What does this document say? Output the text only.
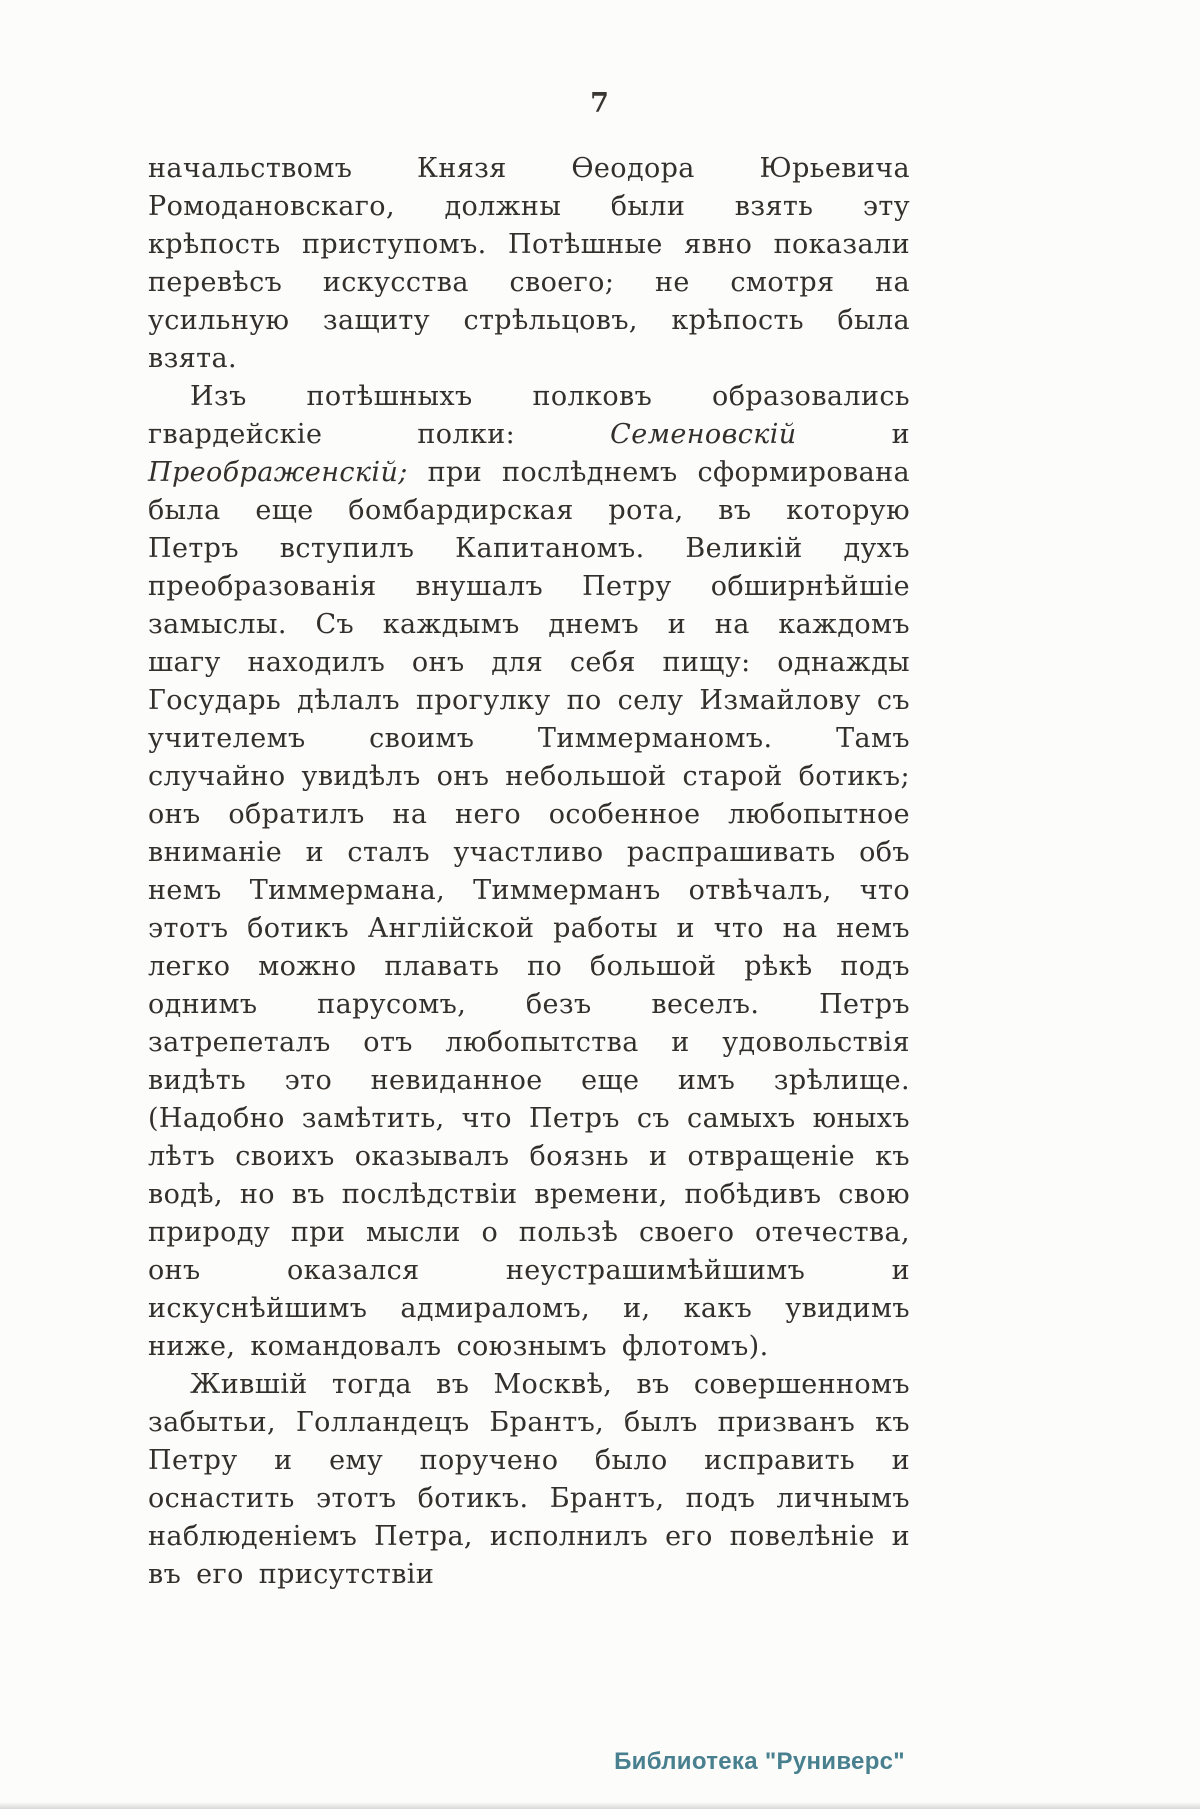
7

начальствомъ Князя Ѳеодора Юрьевича Ромодановскаго, должны были взять эту крѣпость приступомъ. Потѣшные явно показали перевѣсъ искусства своего; не смотря на усильную защиту стрѣльцовъ, крѣпость была взята.

Изъ потѣшныхъ полковъ образовались гвардейскіе полки: Семеновскій и Преображенскій; при послѣднемъ сформирована была еще бомбардирская рота, въ которую Петръ вступилъ Капитаномъ. Великій духъ преобразованія внушалъ Петру обширнѣйшіе замыслы. Съ каждымъ днемъ и на каждомъ шагу находилъ онъ для себя пищу: однажды Государь дѣлалъ прогулку по селу Измайлову съ учителемъ своимъ Тиммерманомъ. Тамъ случайно увидѣлъ онъ небольшой старой ботикъ; онъ обратилъ на него особенное любопытное вниманіе и сталъ участливо распрашивать объ немъ Тиммермана, Тиммерманъ отвѣчалъ, что этотъ ботикъ Англійской работы и что на немъ легко можно плавать по большой рѣкѣ подъ однимъ парусомъ, безъ веселъ. Петръ затрепеталъ отъ любопытства и удовольствія видѣть это невиданное еще имъ зрѣлище. (Надобно замѣтить, что Петръ съ самыхъ юныхъ лѣтъ своихъ оказывалъ боязнь и отвращеніе къ водѣ, но въ послѣдствіи времени, побѣдивъ свою природу при мысли о пользѣ своего отечества, онъ оказался неустрашимѣйшимъ и искуснѣйшимъ адмираломъ, и, какъ увидимъ ниже, командовалъ союзнымъ флотомъ).

Жившій тогда въ Москвѣ, въ совершенномъ забытьи, Голландецъ Брантъ, былъ призванъ къ Петру и ему поручено было исправить и оснастить этотъ ботикъ. Брантъ, подъ личнымъ наблюденіемъ Петра, исполнилъ его повелѣніе и въ его присутствіи

Библиотека "Руниверс"
